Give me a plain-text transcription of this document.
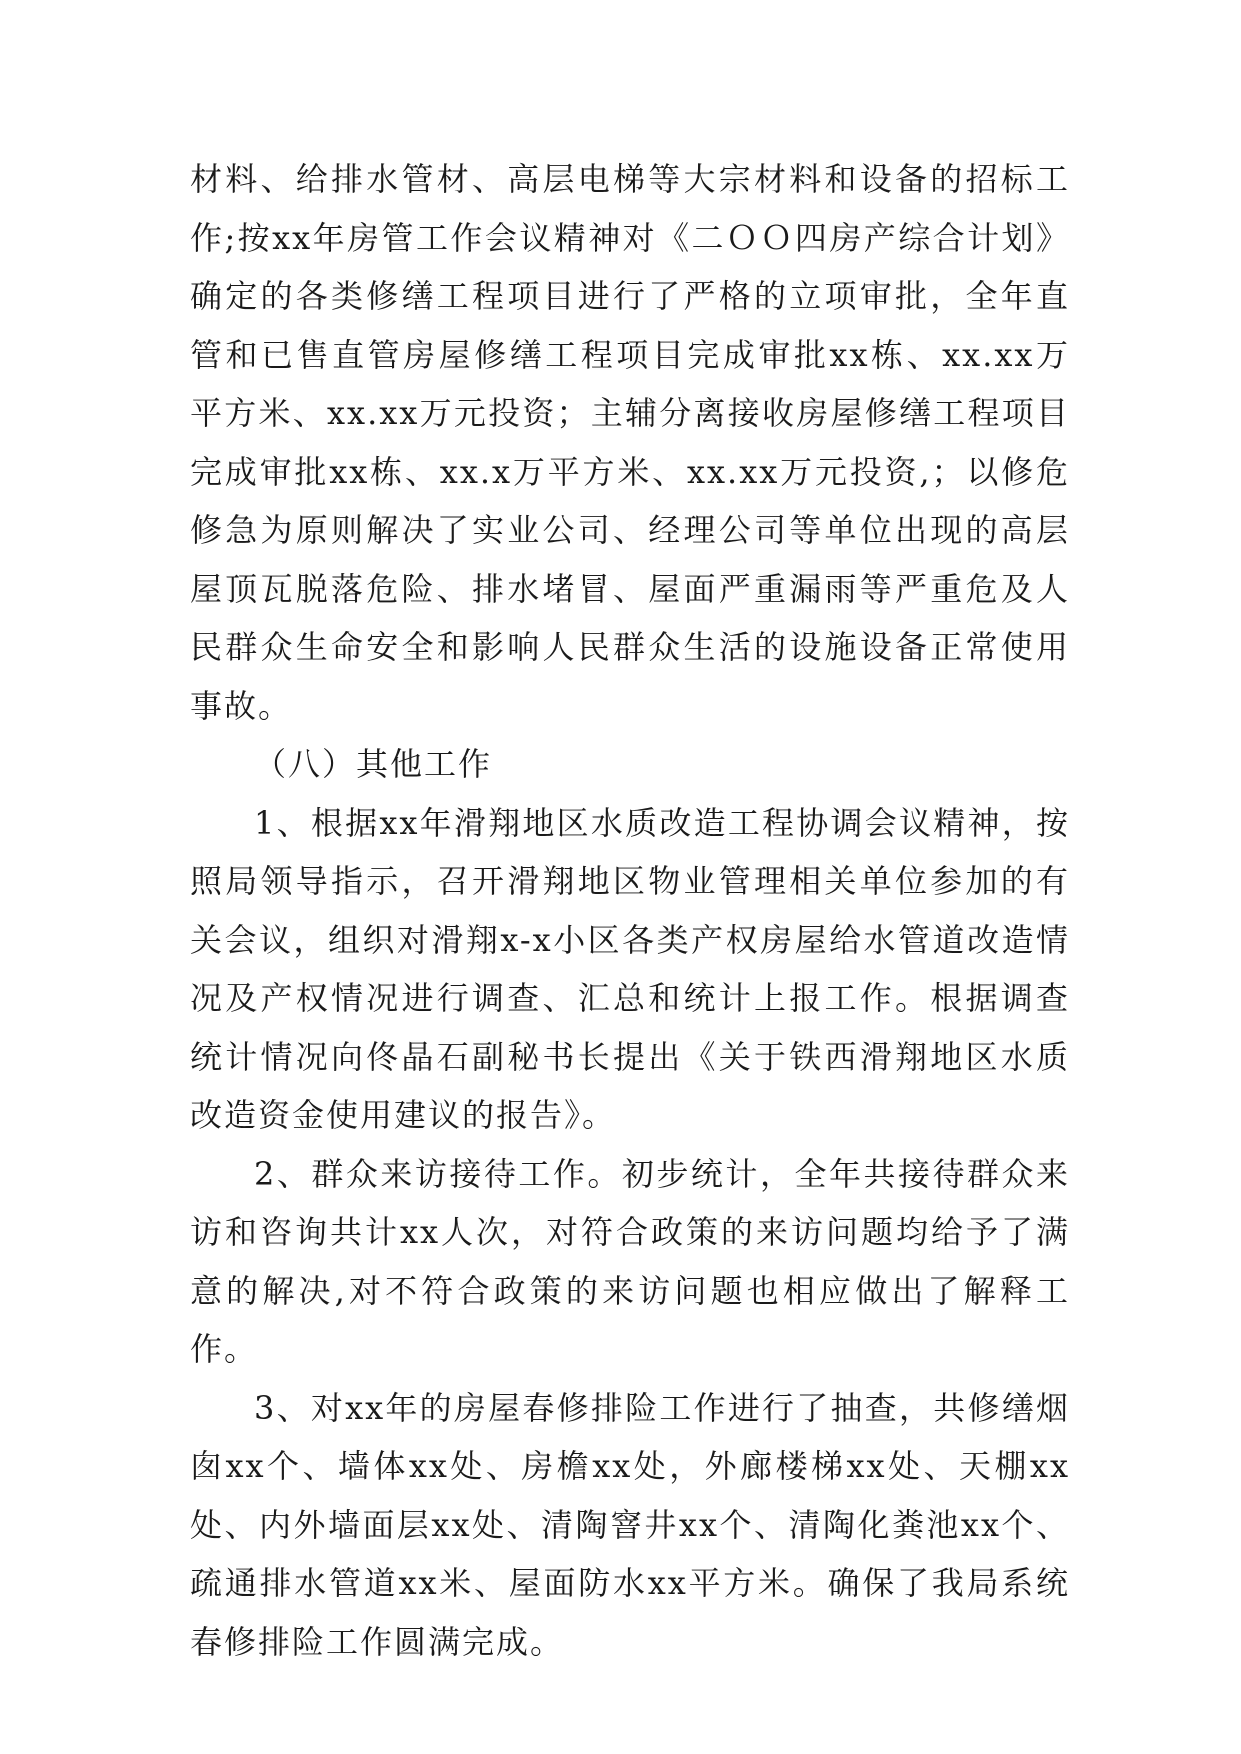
材料、给排水管材、高层电梯等大宗材料和设备的招标工作;按xx年房管工作会议精神对《二ＯＯ四房产综合计划》确定的各类修缮工程项目进行了严格的立项审批，全年直管和已售直管房屋修缮工程项目完成审批xx栋、xx.xx万平方米、xx.xx万元投资；主辅分离接收房屋修缮工程项目完成审批xx栋、xx.x万平方米、xx.xx万元投资,；以修危修急为原则解决了实业公司、经理公司等单位出现的高层屋顶瓦脱落危险、排水堵冒、屋面严重漏雨等严重危及人民群众生命安全和影响人民群众生活的设施设备正常使用事故。

（八）其他工作

1、根据xx年滑翔地区水质改造工程协调会议精神，按照局领导指示，召开滑翔地区物业管理相关单位参加的有关会议，组织对滑翔x-x小区各类产权房屋给水管道改造情况及产权情况进行调查、汇总和统计上报工作。根据调查统计情况向佟晶石副秘书长提出《关于铁西滑翔地区水质改造资金使用建议的报告》。

2、群众来访接待工作。初步统计，全年共接待群众来访和咨询共计xx人次，对符合政策的来访问题均给予了满意的解决,对不符合政策的来访问题也相应做出了解释工作。

3、对xx年的房屋春修排险工作进行了抽查，共修缮烟囱xx个、墙体xx处、房檐xx处，外廊楼梯xx处、天棚xx处、内外墙面层xx处、清陶窨井xx个、清陶化粪池xx个、疏通排水管道xx米、屋面防水xx平方米。确保了我局系统春修排险工作圆满完成。
